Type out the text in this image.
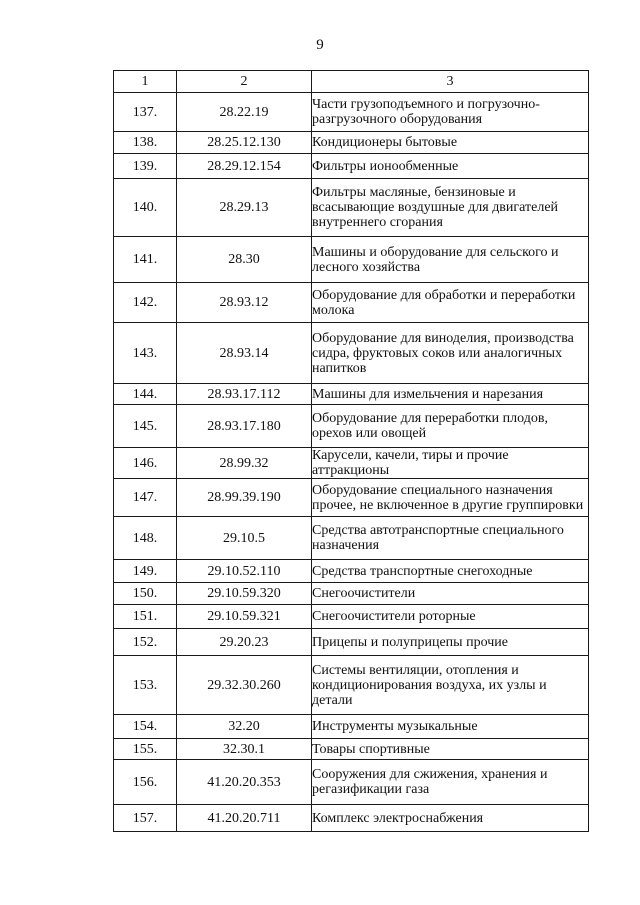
9
1	2	3
137.	28.22.19	Части грузоподъемного и погрузочно-
разгрузочного оборудования
138.	28.25.12.130	Кондиционеры бытовые
139.	28.29.12.154	Фильтры ионообменные
140.	28.29.13	Фильтры масляные, бензиновые и
всасывающие воздушные для двигателей
внутреннего сгорания
141.	28.30	Машины и оборудование для сельского и
лесного хозяйства
142.	28.93.12	Оборудование для обработки и переработки
молока
143.	28.93.14	Оборудование для виноделия, производства
сидра, фруктовых соков или аналогичных
напитков
144.	28.93.17.112	Машины для измельчения и нарезания
145.	28.93.17.180	Оборудование для переработки плодов,
орехов или овощей
146.	28.99.32	Карусели, качели, тиры и прочие аттракционы
147.	28.99.39.190	Оборудование специального назначения
прочее, не включенное в другие группировки
148.	29.10.5	Средства автотранспортные специального
назначения
149.	29.10.52.110	Средства транспортные снегоходные
150.	29.10.59.320	Снегоочистители
151.	29.10.59.321	Снегоочистители роторные
152.	29.20.23	Прицепы и полуприцепы прочие
153.	29.32.30.260	Системы вентиляции, отопления и
кондиционирования воздуха, их узлы и
детали
154.	32.20	Инструменты музыкальные
155.	32.30.1	Товары спортивные
156.	41.20.20.353	Сооружения для сжижения, хранения и
регазификации газа
157.	41.20.20.711	Комплекс электроснабжения
